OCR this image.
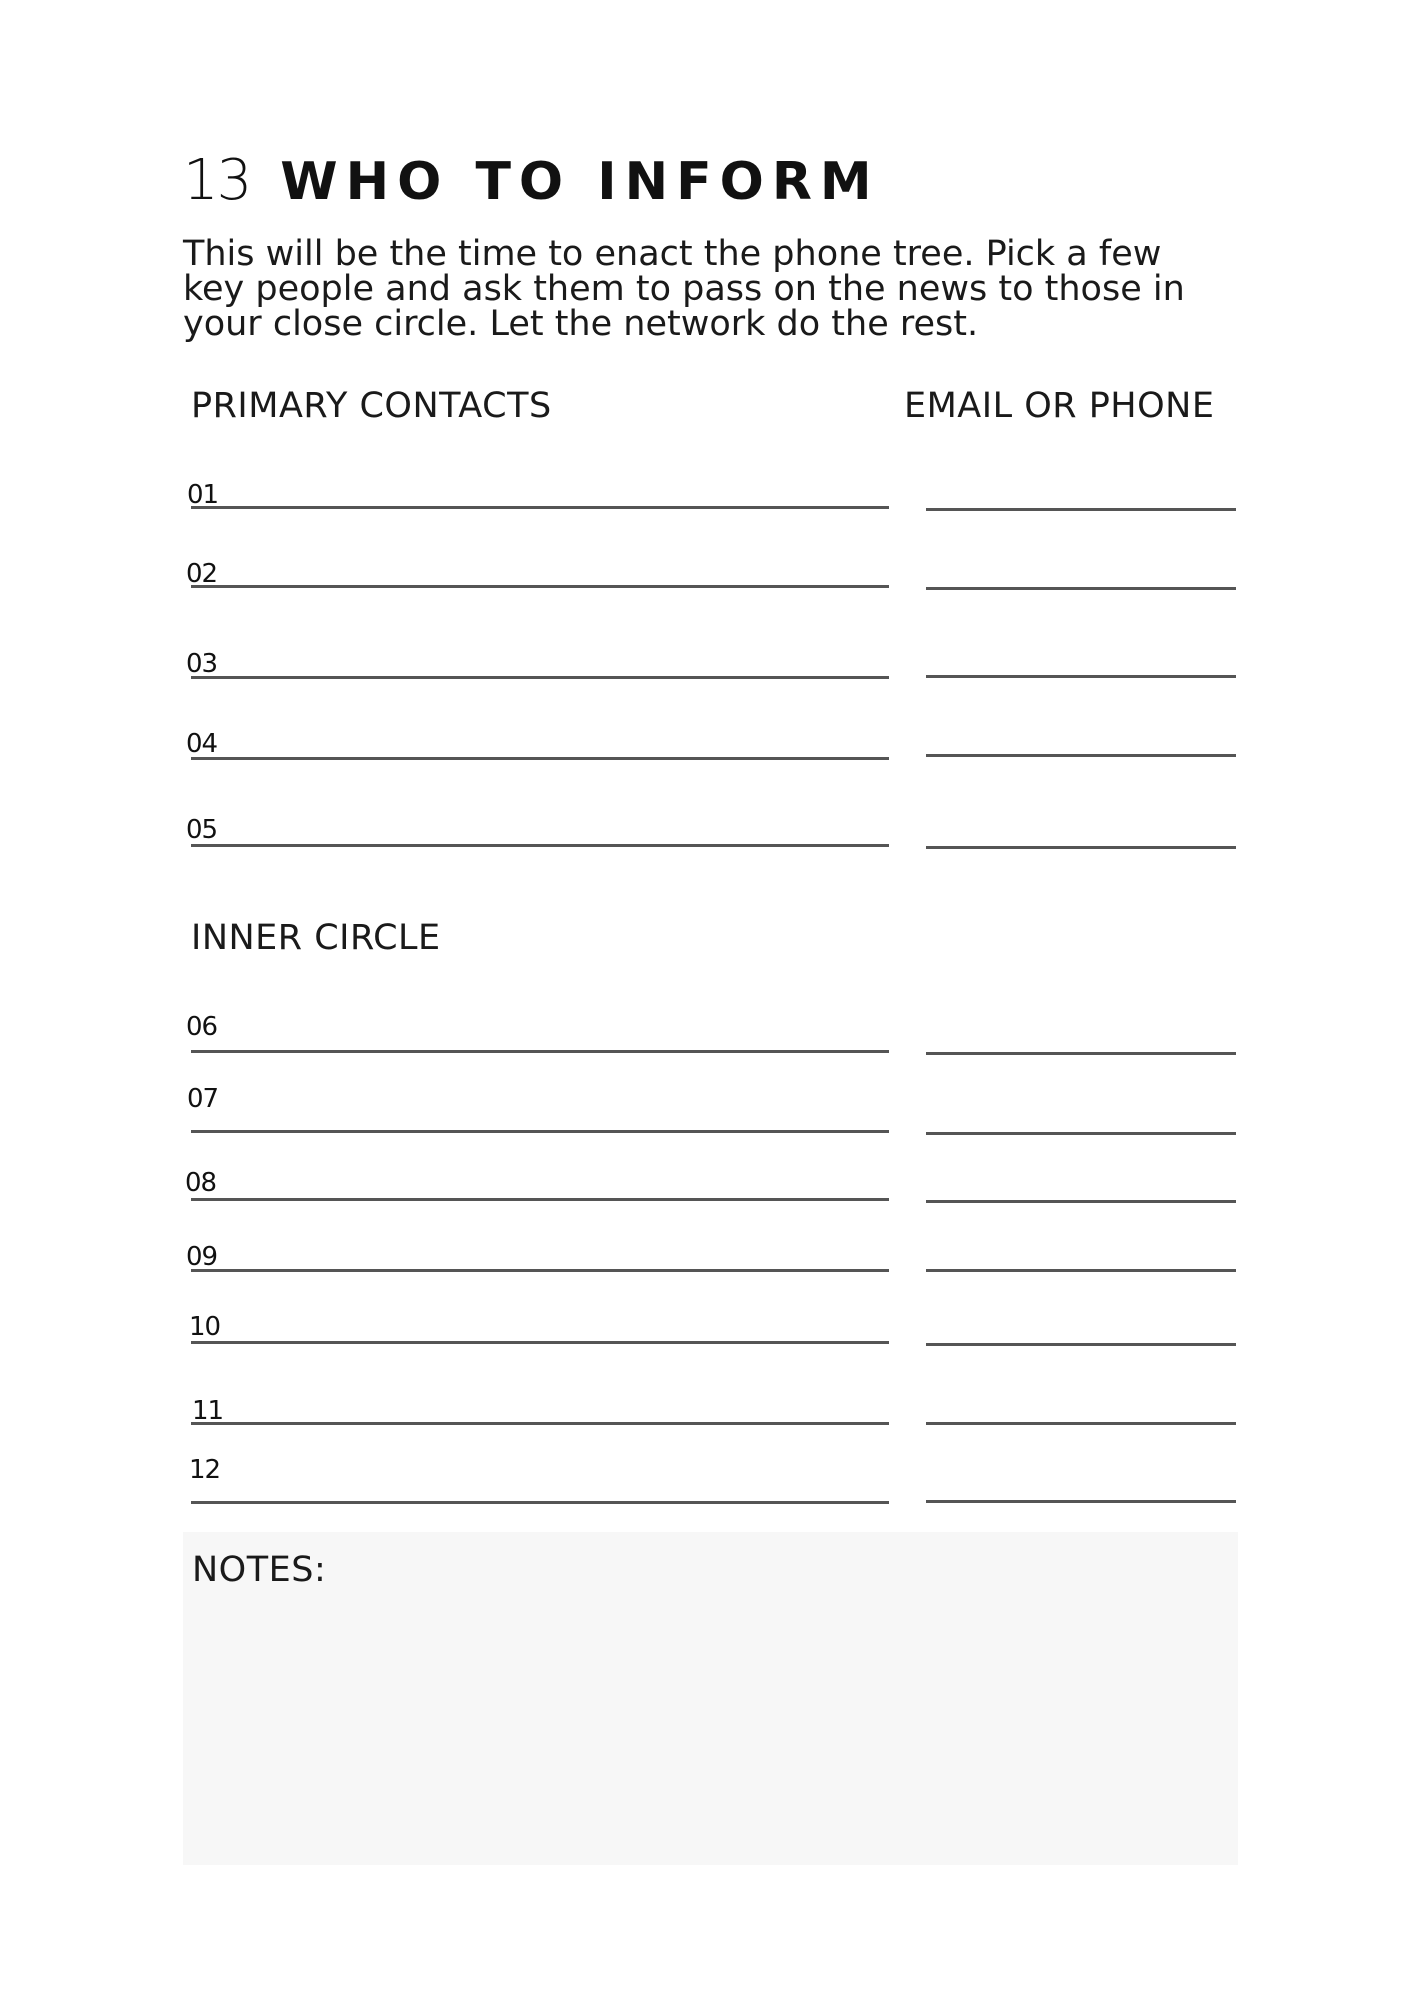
13 WHO TO INFORM

This will be the time to enact the phone tree. Pick a few
key people and ask them to pass on the news to those in
your close circle. Let the network do the rest.

PRIMARY CONTACTS	EMAIL OR PHONE
01
02
03
04
05
INNER CIRCLE
06
07
08
09
10
11
12
NOTES:
